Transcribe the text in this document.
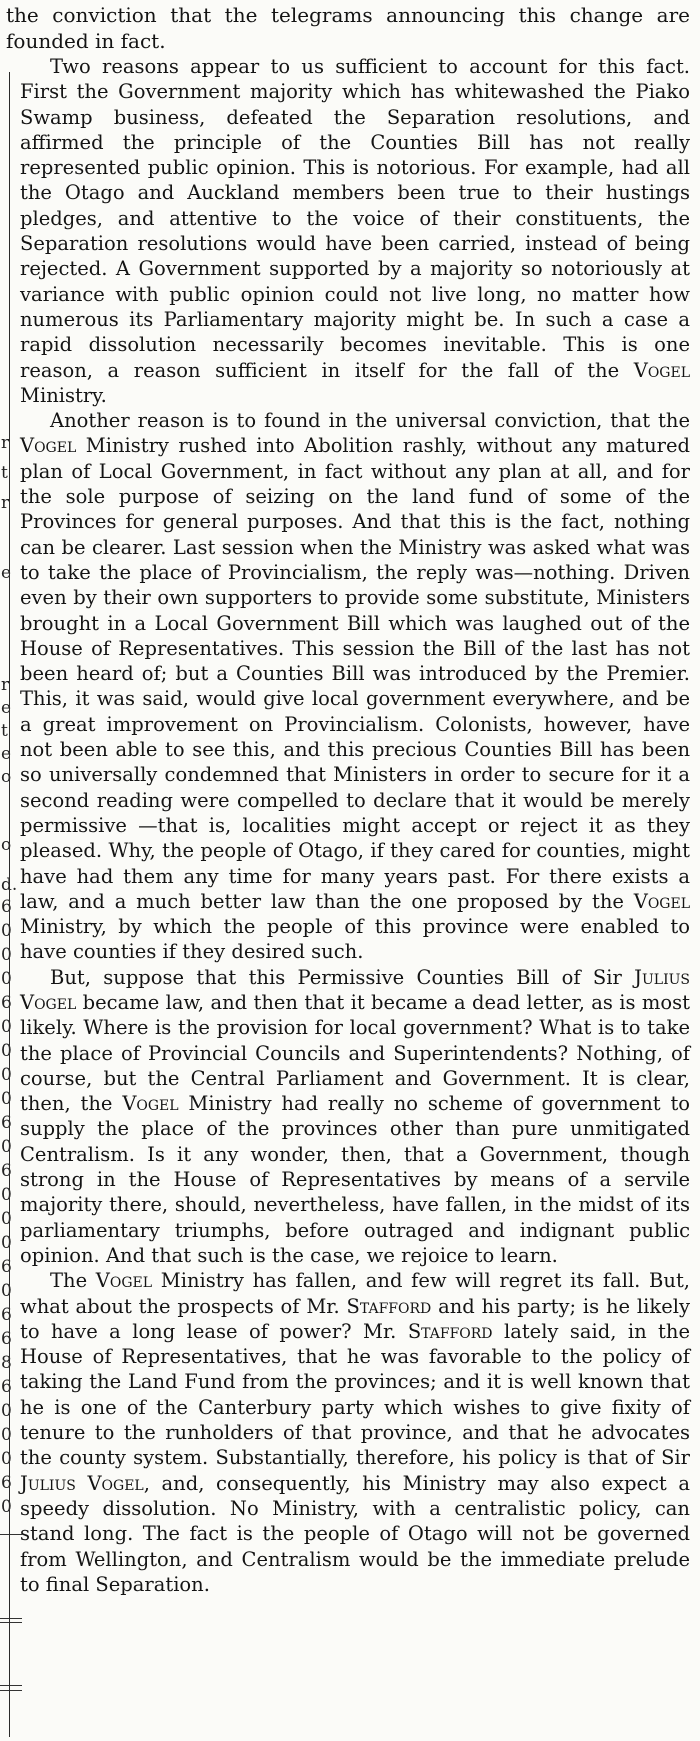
r
t
r
e
r
e
t
e
o
o
d.
6
0
0
0
6
0
0
0
0
6
0
6
0
0
0
6
0
6
6
8
6
0
0
0
6
0
the conviction that the telegrams announcing this change are founded in fact.

Two reasons appear to us sufficient to account for this fact. First the Government majority which has whitewashed the Piako Swamp business, defeated the Separation resolutions, and affirmed the principle of the Counties Bill has not really represented public opinion. This is notorious. For example, had all the Otago and Auckland members been true to their hustings pledges, and attentive to the voice of their constituents, the Separation resolutions would have been carried, instead of being rejected. A Government supported by a majority so notoriously at variance with public opinion could not live long, no matter how numerous its Parliamentary majority might be. In such a case a rapid dissolution necessarily becomes inevitable. This is one reason, a reason sufficient in itself for the fall of the Vogel Ministry.

Another reason is to found in the universal conviction, that the Vogel Ministry rushed into Abolition rashly, without any matured plan of Local Government, in fact without any plan at all, and for the sole purpose of seizing on the land fund of some of the Provinces for general purposes. And that this is the fact, nothing can be clearer. Last session when the Ministry was asked what was to take the place of Provincialism, the reply was—nothing. Driven even by their own supporters to provide some substitute, Ministers brought in a Local Government Bill which was laughed out of the House of Representatives. This session the Bill of the last has not been heard of; but a Counties Bill was introduced by the Premier. This, it was said, would give local government everywhere, and be a great improvement on Provincialism. Colonists, however, have not been able to see this, and this precious Counties Bill has been so universally condemned that Ministers in order to secure for it a second reading were compelled to declare that it would be merely permissive —that is, localities might accept or reject it as they pleased. Why, the people of Otago, if they cared for counties, might have had them any time for many years past. For there exists a law, and a much better law than the one proposed by the Vogel Ministry, by which the people of this province were enabled to have counties if they desired such.

But, suppose that this Permissive Counties Bill of Sir Julius Vogel became law, and then that it became a dead letter, as is most likely. Where is the provision for local government? What is to take the place of Provincial Councils and Superintendents? Nothing, of course, but the Central Parliament and Government. It is clear, then, the Vogel Ministry had really no scheme of government to supply the place of the provinces other than pure unmitigated Centralism. Is it any wonder, then, that a Government, though strong in the House of Representatives by means of a servile majority there, should, nevertheless, have fallen, in the midst of its parliamentary triumphs, before outraged and indignant public opinion. And that such is the case, we rejoice to learn.

The Vogel Ministry has fallen, and few will regret its fall. But, what about the prospects of Mr. Stafford and his party; is he likely to have a long lease of power? Mr. Stafford lately said, in the House of Representatives, that he was favorable to the policy of taking the Land Fund from the provinces; and it is well known that he is one of the Canterbury party which wishes to give fixity of tenure to the runholders of that province, and that he advocates the county system. Substantially, therefore, his policy is that of Sir Julius Vogel, and, consequently, his Ministry may also expect a speedy dissolution. No Ministry, with a centralistic policy, can stand long. The fact is the people of Otago will not be governed from Wellington, and Centralism would be the immediate prelude to final Separation.
